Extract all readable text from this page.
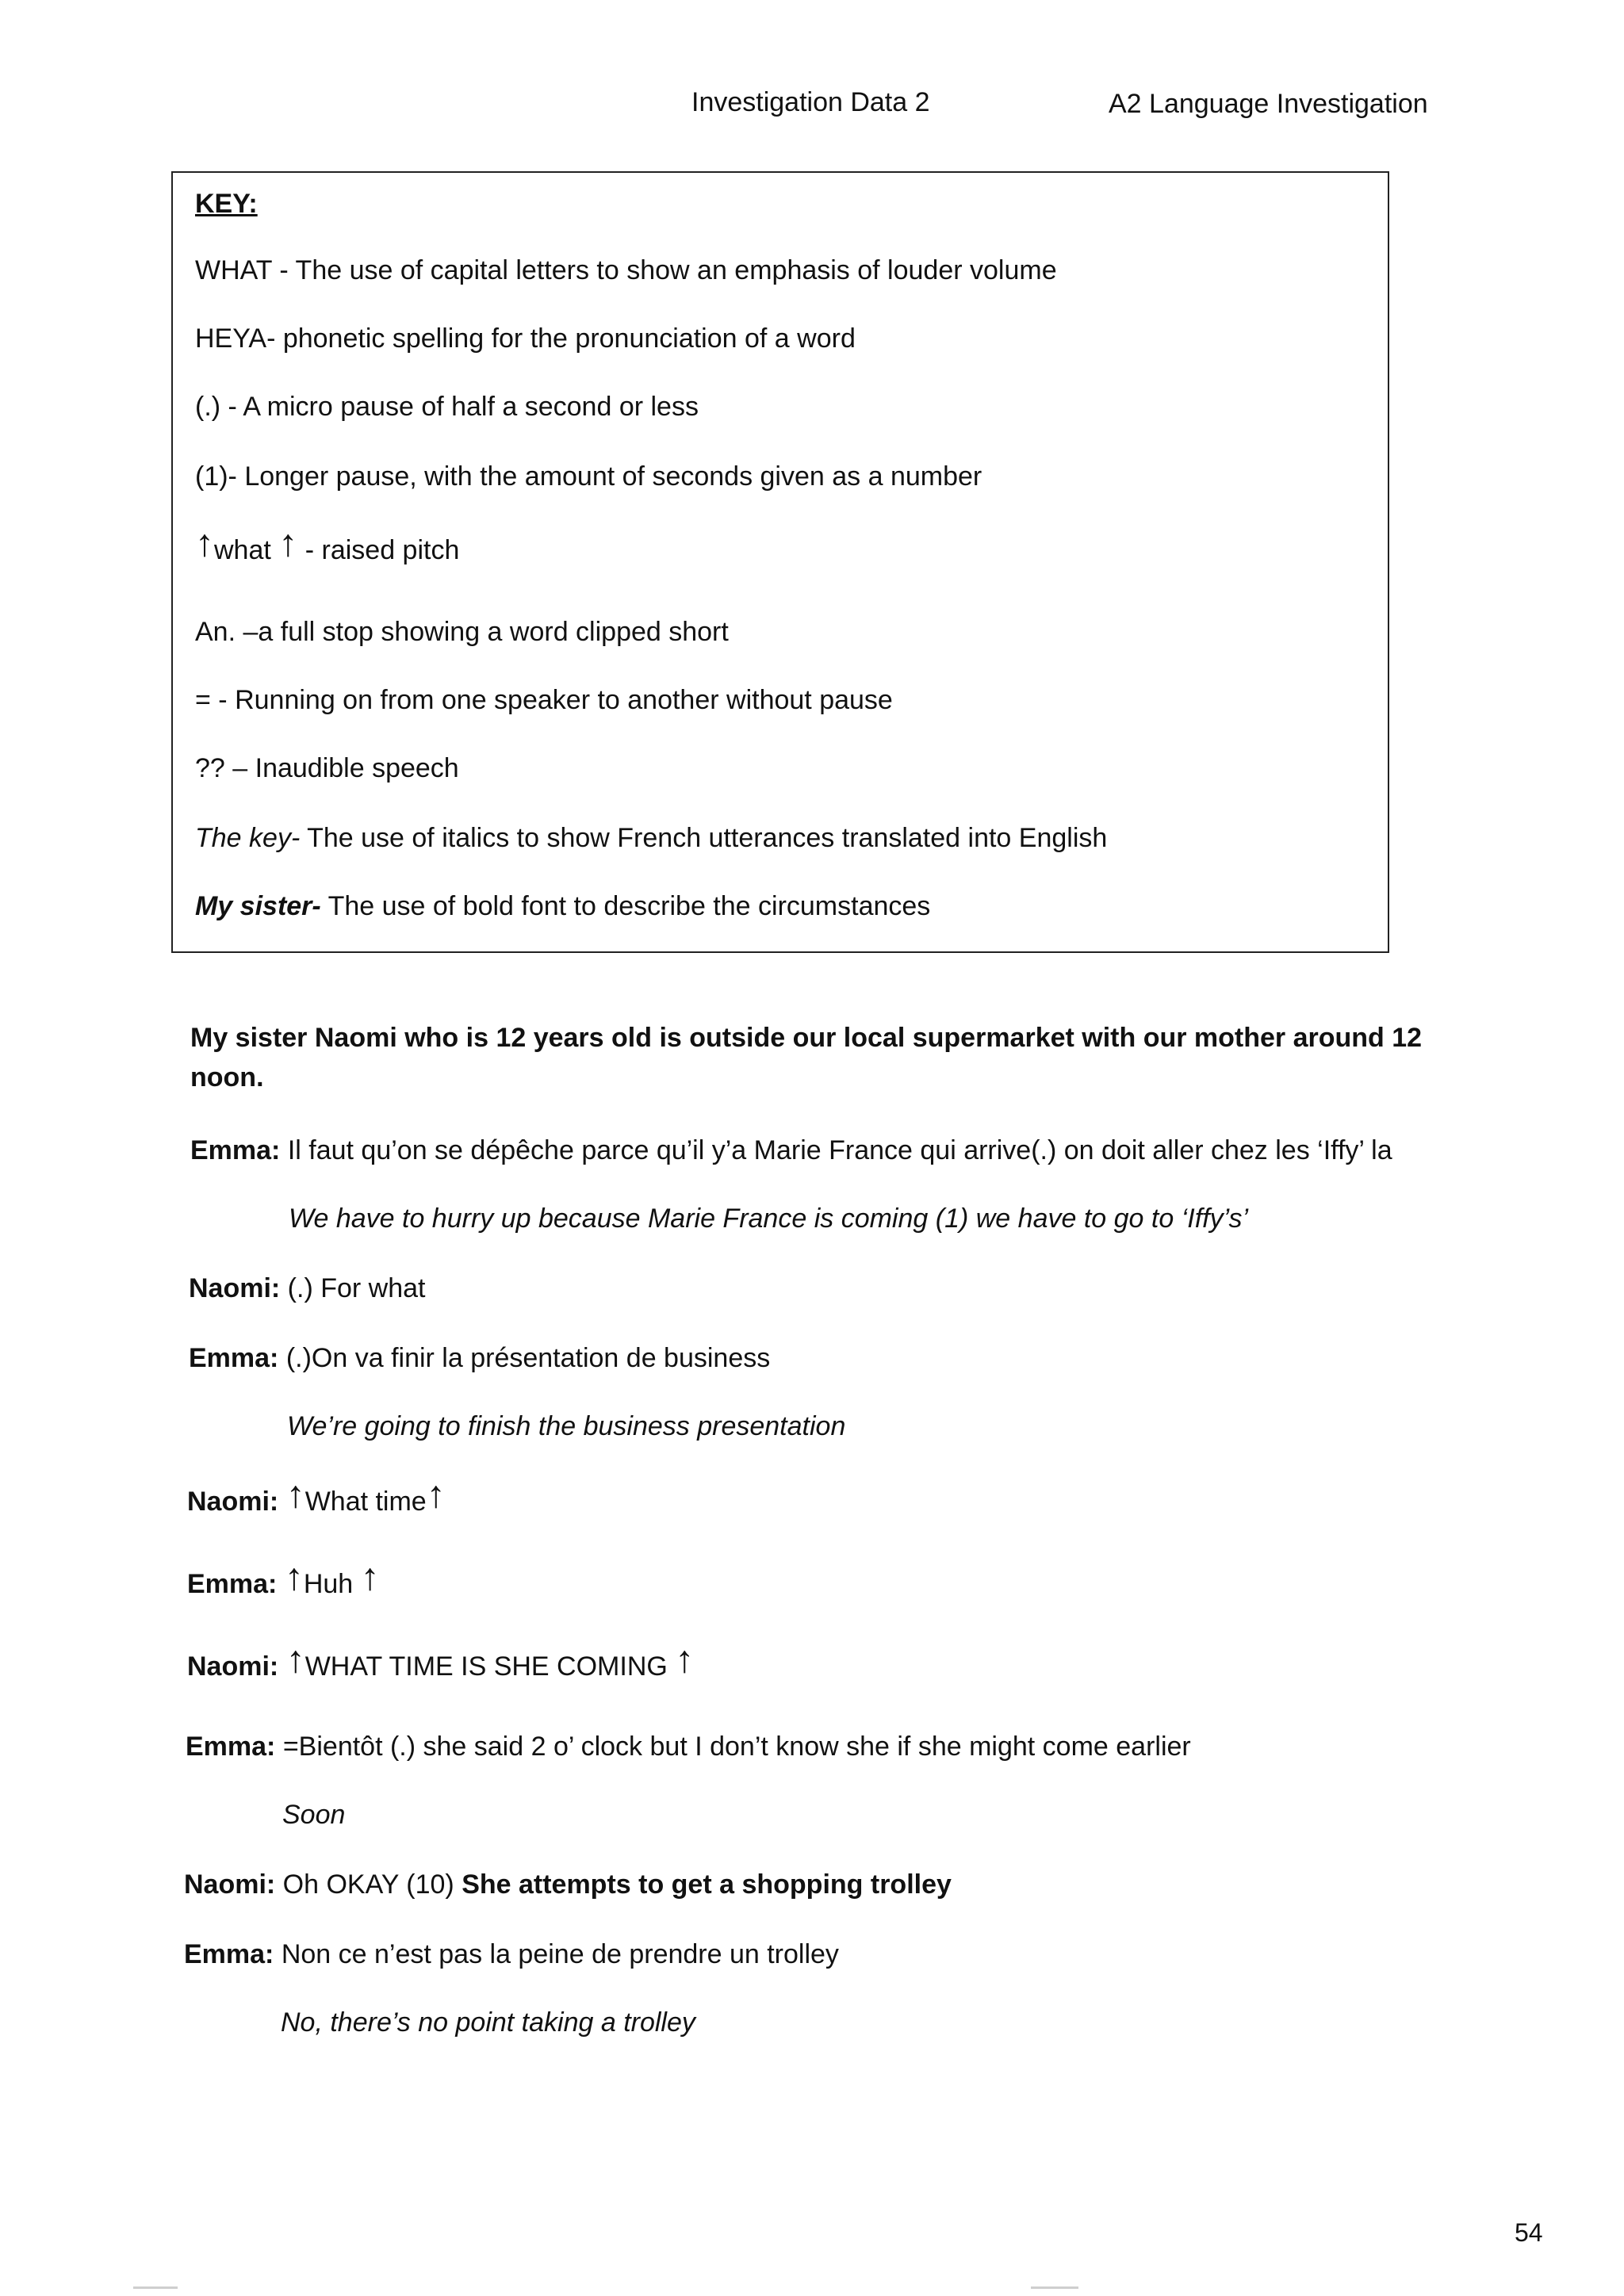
Investigation Data 2	A2 Language Investigation
KEY:
WHAT - The use of capital letters to show an emphasis of louder volume
HEYA- phonetic spelling for the pronunciation of a word
(.) - A micro pause of half a second or less
(1)- Longer pause, with the amount of seconds given as a number
↑what ↑ - raised pitch
An. –a full stop showing a word clipped short
= - Running on from one speaker to another without pause
?? – Inaudible speech
The key- The use of italics to show French utterances translated into English
My sister- The use of bold font to describe the circumstances
My sister Naomi who is 12 years old is outside our local supermarket with our mother around 12
noon.
Emma: Il faut qu’on se dépêche parce qu’il y’a Marie France qui arrive(.) on doit aller chez les ‘Iffy’ la
We have to hurry up because Marie France is coming (1) we have to go to ‘Iffy’s’
Naomi: (.) For what
Emma: (.)On va finir la présentation de business
We’re going to finish the business presentation
Naomi: ↑What time↑
Emma: ↑Huh ↑
Naomi: ↑WHAT TIME IS SHE COMING ↑
Emma: =Bientôt (.) she said 2 o’ clock but I don’t know she if she might come earlier
Soon
Naomi: Oh OKAY (10) She attempts to get a shopping trolley
Emma: Non ce n’est pas la peine de prendre un trolley
No, there’s no point taking a trolley
54
